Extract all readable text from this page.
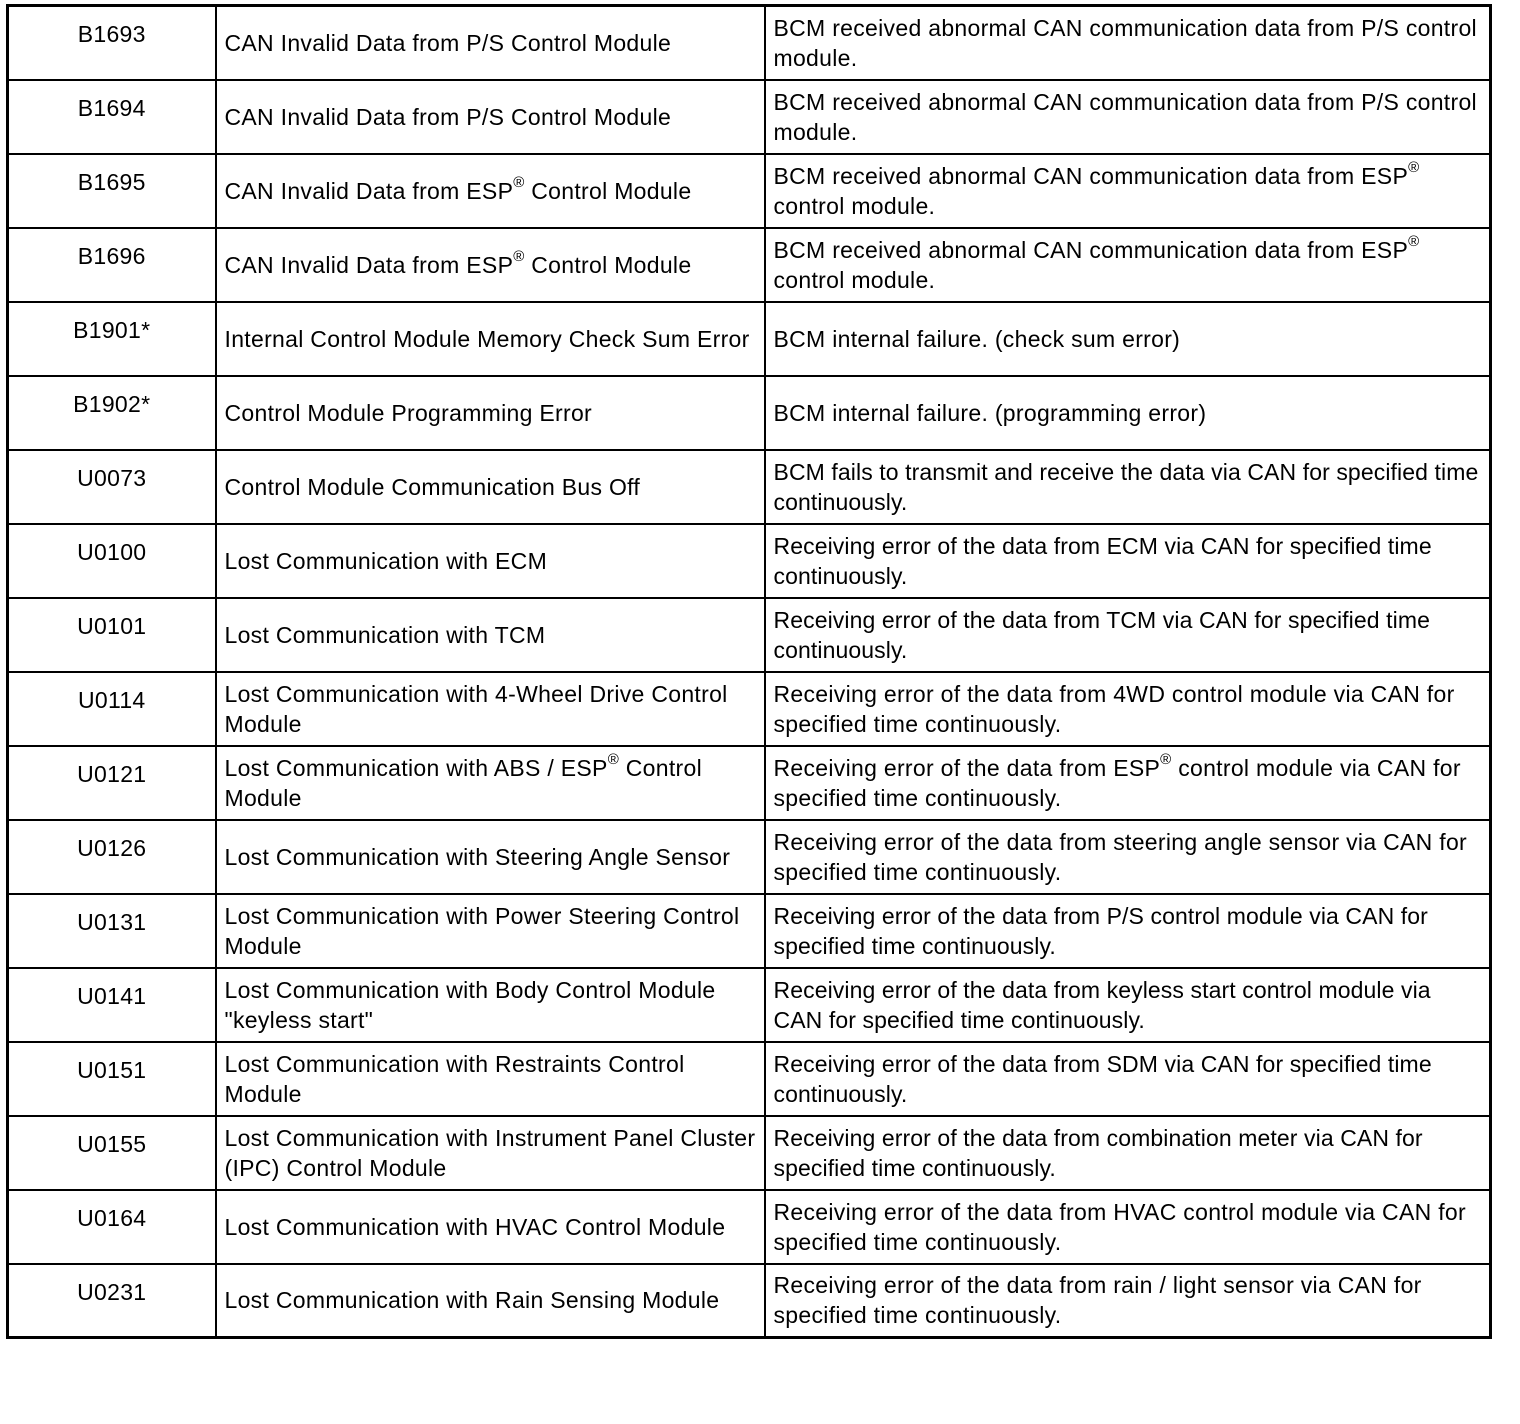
B1693	CAN Invalid Data from P/S Control Module	BCM received abnormal CAN communication data from P/S control module.
B1694	CAN Invalid Data from P/S Control Module	BCM received abnormal CAN communication data from P/S control module.
B1695	CAN Invalid Data from ESP® Control Module	BCM received abnormal CAN communication data from ESP® control module.
B1696	CAN Invalid Data from ESP® Control Module	BCM received abnormal CAN communication data from ESP® control module.
B1901*	Internal Control Module Memory Check Sum Error	BCM internal failure. (check sum error)
B1902*	Control Module Programming Error	BCM internal failure. (programming error)
U0073	Control Module Communication Bus Off	BCM fails to transmit and receive the data via CAN for specified time continuously.
U0100	Lost Communication with ECM	Receiving error of the data from ECM via CAN for specified time continuously.
U0101	Lost Communication with TCM	Receiving error of the data from TCM via CAN for specified time continuously.
U0114	Lost Communication with 4-Wheel Drive Control Module	Receiving error of the data from 4WD control module via CAN for specified time continuously.
U0121	Lost Communication with ABS / ESP® Control Module	Receiving error of the data from ESP® control module via CAN for specified time continuously.
U0126	Lost Communication with Steering Angle Sensor	Receiving error of the data from steering angle sensor via CAN for specified time continuously.
U0131	Lost Communication with Power Steering Control Module	Receiving error of the data from P/S control module via CAN for specified time continuously.
U0141	Lost Communication with Body Control Module "keyless start"	Receiving error of the data from keyless start control module via CAN for specified time continuously.
U0151	Lost Communication with Restraints Control Module	Receiving error of the data from SDM via CAN for specified time continuously.
U0155	Lost Communication with Instrument Panel Cluster (IPC) Control Module	Receiving error of the data from combination meter via CAN for specified time continuously.
U0164	Lost Communication with HVAC Control Module	Receiving error of the data from HVAC control module via CAN for specified time continuously.
U0231	Lost Communication with Rain Sensing Module	Receiving error of the data from rain / light sensor via CAN for specified time continuously.
